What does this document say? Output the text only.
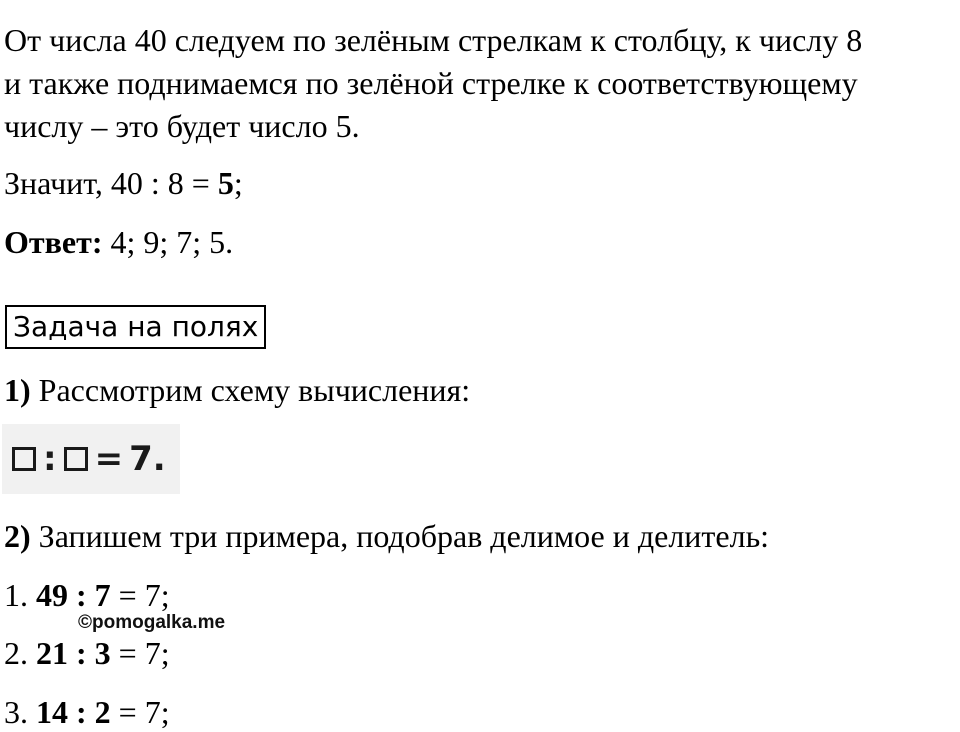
От числа 40 следуем по зелёным стрелкам к столбцу, к числу 8
и также поднимаемся по зелёной стрелке к соответствующему
числу – это будет число 5.
Значит, 40 : 8 = 5;
Ответ: 4; 9; 7; 5.
Задача на полях
1) Рассмотрим схему вычисления:
: = 7.
2) Запишем три примера, подобрав делимое и делитель:
1. 49 : 7 = 7;
2. 21 : 3 = 7;
3. 14 : 2 = 7;
©pomogalka.me
